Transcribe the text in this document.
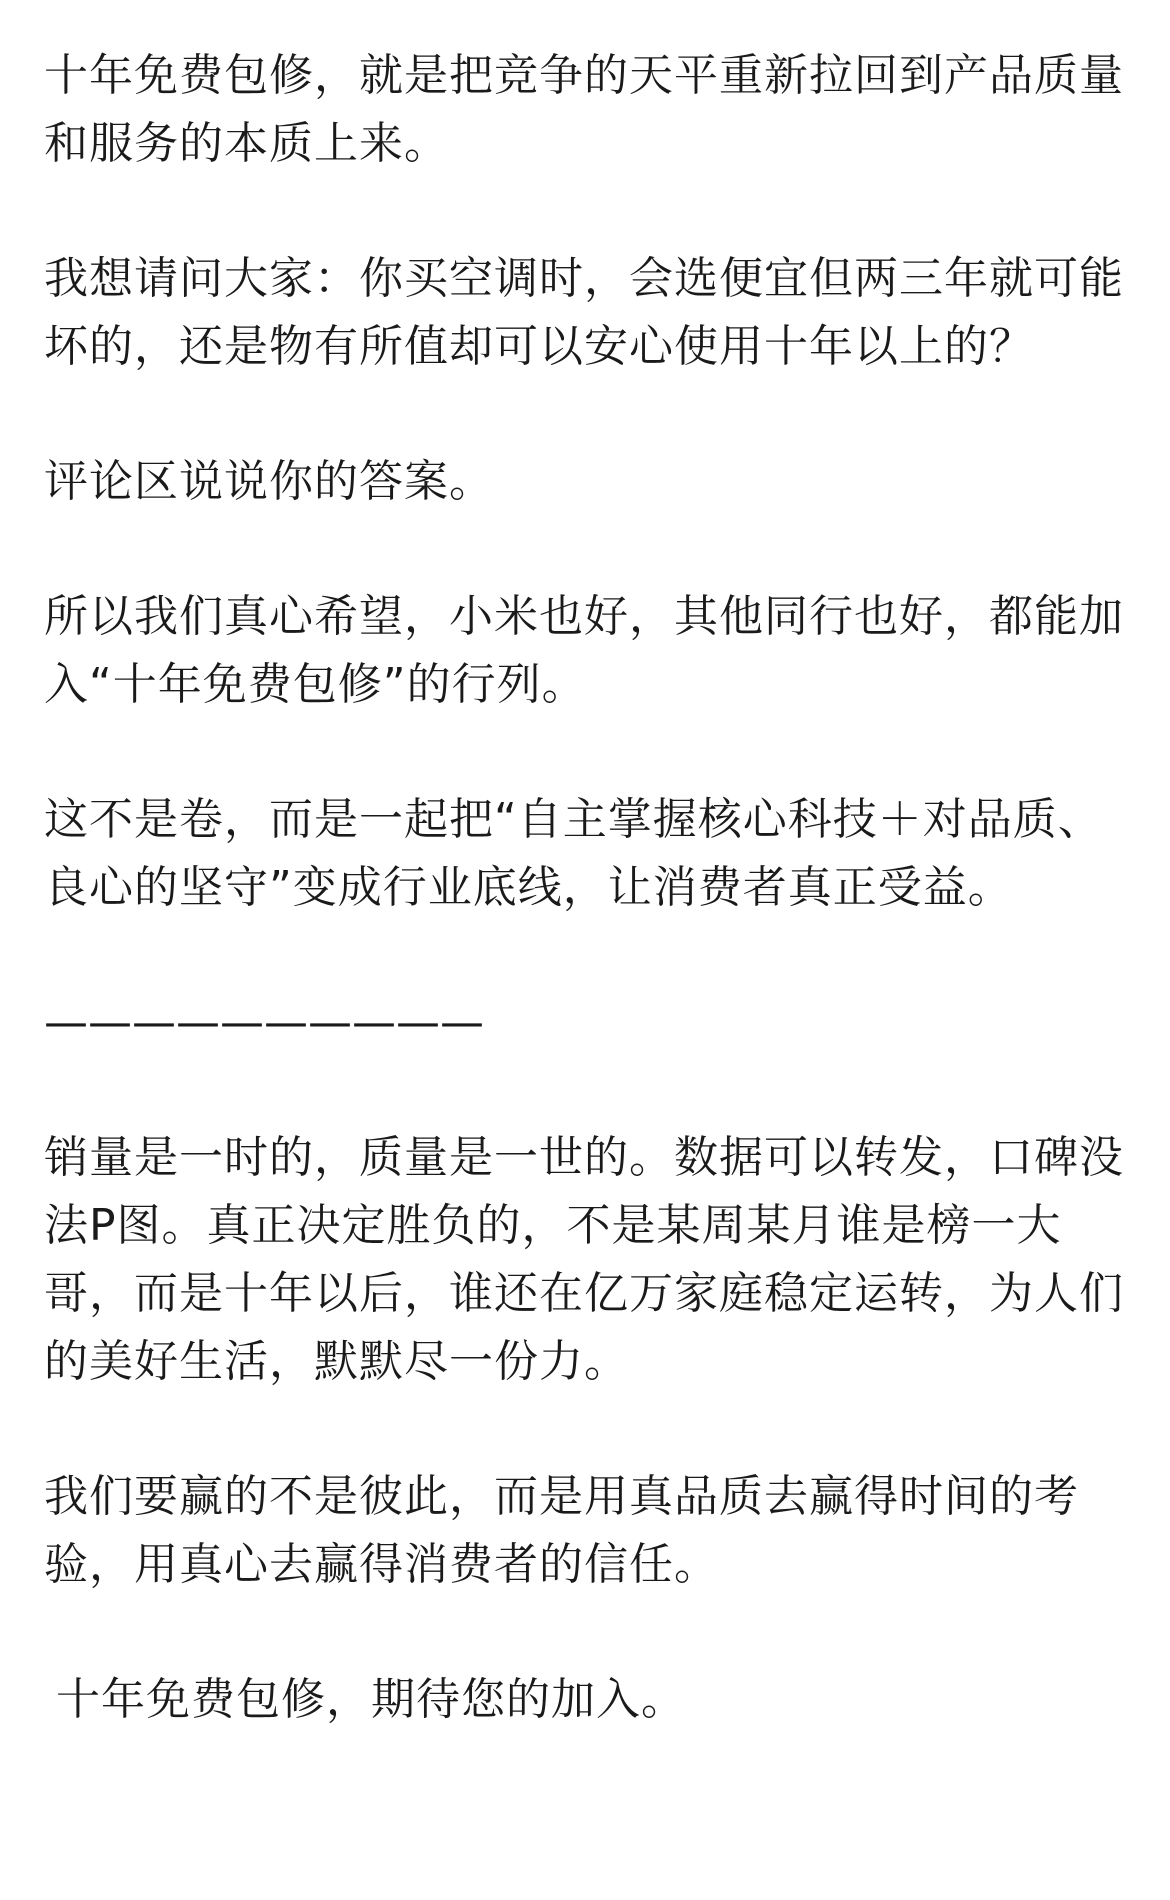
十年免费包修，就是把竞争的天平重新拉回到产品质量和服务的本质上来。

我想请问大家：你买空调时，会选便宜但两三年就可能坏的，还是物有所值却可以安心使用十年以上的？

评论区说说你的答案。

所以我们真心希望，小米也好，其他同行也好，都能加入“十年免费包修”的行列。

这不是卷，而是一起把“自主掌握核心科技＋对品质、良心的坚守”变成行业底线，让消费者真正受益。

——————————

销量是一时的，质量是一世的。数据可以转发，口碑没法P图。真正决定胜负的，不是某周某月谁是榜一大哥，而是十年以后，谁还在亿万家庭稳定运转，为人们的美好生活，默默尽一份力。

我们要赢的不是彼此，而是用真品质去赢得时间的考验，用真心去赢得消费者的信任。

十年免费包修，期待您的加入。
